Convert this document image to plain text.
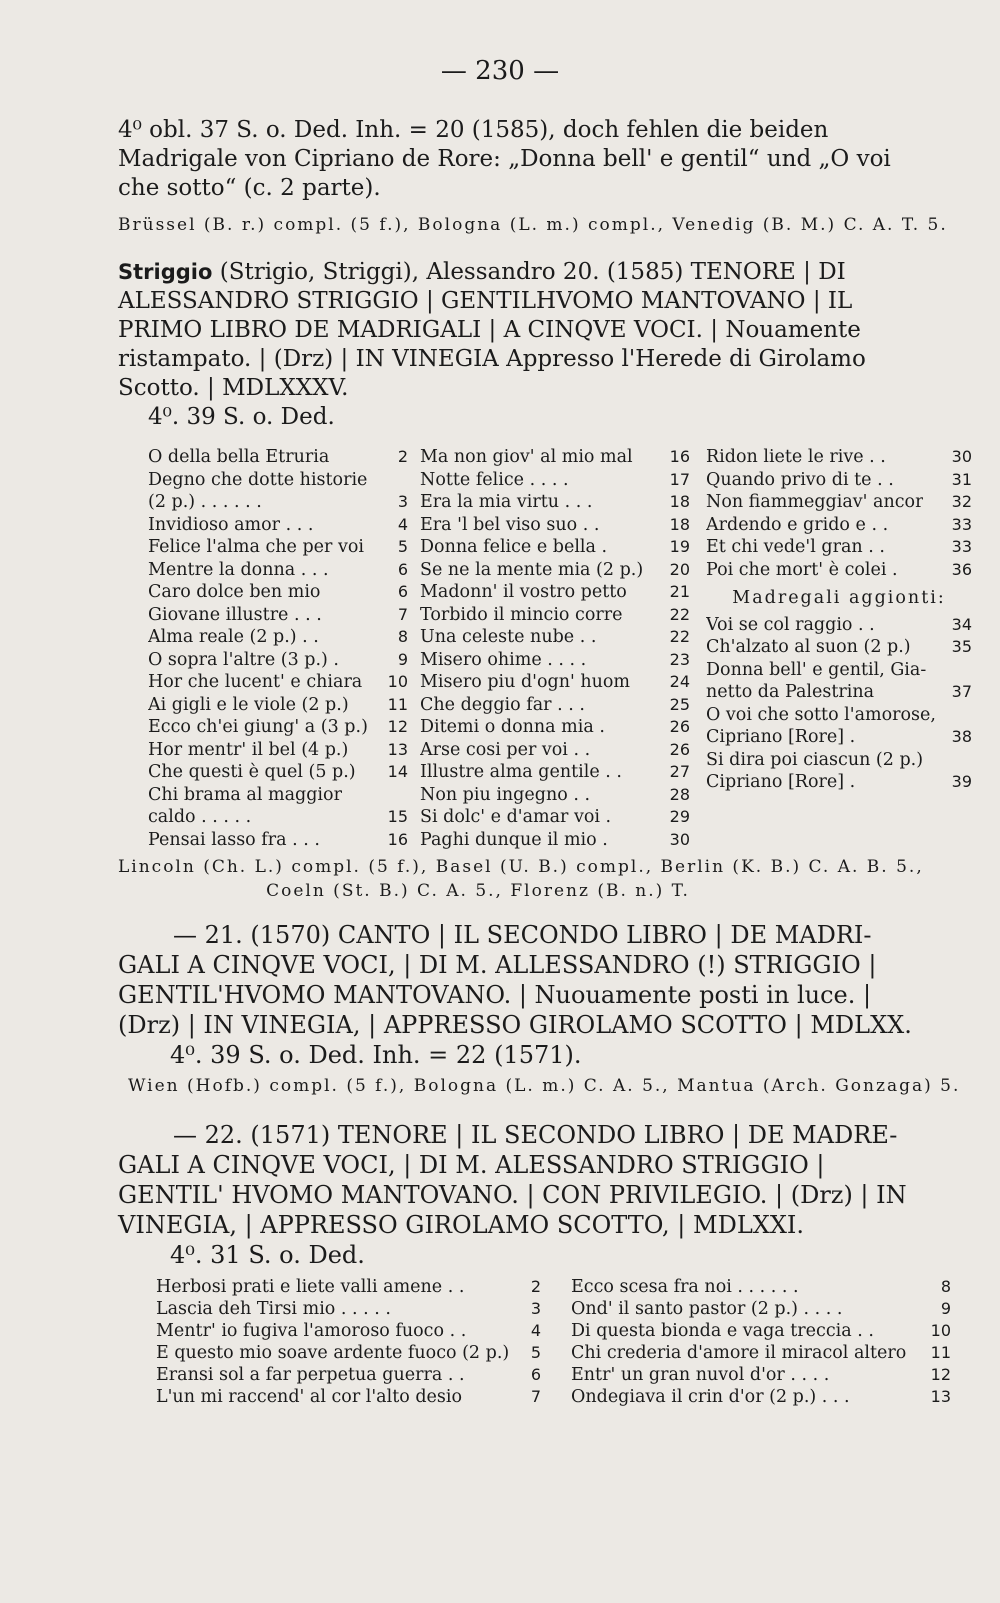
— 230 —
4⁰ obl. 37 S. o. Ded. Inh. = 20 (1585), doch fehlen die beiden
Madrigale von Cipriano de Rore: „Donna bell' e gentil“ und „O voi
che sotto“ (c. 2 parte).
Brüssel (B. r.) compl. (5 f.), Bologna (L. m.) compl., Venedig (B. M.) C. A. T. 5.
Striggio (Strigio, Striggi), Alessandro 20. (1585) TENORE | DI
ALESSANDRO STRIGGIO | GENTILHVOMO MANTOVANO | IL
PRIMO LIBRO DE MADRIGALI | A CINQVE VOCI. | Nouamente
ristampato. | (Drz) | IN VINEGIA Appresso l'Herede di Girolamo
Scotto. | MDLXXXV.
4⁰. 39 S. o. Ded.
O della bella Etruria	2
Degno che dotte historie
(2 p.) . . . . . .	3
Invidioso amor . . .	4
Felice l'alma che per voi 5
Mentre la donna . . .	6
Caro dolce ben mio	6
Giovane illustre . . .	7
Alma reale (2 p.) . .	8
O sopra l'altre (3 p.) .	9
Hor che lucent' e chiara 10
Ai gigli e le viole (2 p.) 11
Ecco ch'ei giung' a (3 p.) 12
Hor mentr' il bel (4 p.) 13
Che questi è quel (5 p.) 14
Chi brama al maggior
caldo . . . . .	15
Pensai lasso fra . . .	16
Ma non giov' al mio mal 16
Notte felice . . . .	17
Era la mia virtu . . .	18
Era 'l bel viso suo . .	18
Donna felice e bella .	19
Se ne la mente mia (2 p.) 20
Madonn' il vostro petto	21
Torbido il mincio corre	22
Una celeste nube . .	22
Misero ohime . . . .	23
Misero piu d'ogn' huom 24
Che deggio far . . .	25
Ditemi o donna mia .	26
Arse cosi per voi . .	26
Illustre alma gentile . .	27
Non piu ingegno . .	28
Si dolc' e d'amar voi .	29
Paghi dunque il mio .	30
Ridon liete le rive . .	30
Quando privo di te . .	31
Non fiammeggiav' ancor 32
Ardendo e grido e . .	33
Et chi vede'l gran . .	33
Poi che mort' è colei .	36
Madregali aggionti:
Voi se col raggio . .	34
Ch'alzato al suon (2 p.)	35
Donna bell' e gentil, Gia-
netto da Palestrina	37
O voi che sotto l'amorose,
Cipriano [Rore] .	38
Si dira poi ciascun (2 p.)
Cipriano [Rore] .	39
Lincoln (Ch. L.) compl. (5 f.), Basel (U. B.) compl., Berlin (K. B.) C. A. B. 5.,
Coeln (St. B.) C. A. 5., Florenz (B. n.) T.
— 21. (1570) CANTO | IL SECONDO LIBRO | DE MADRI-
GALI A CINQVE VOCI, | DI M. ALLESSANDRO (!) STRIGGIO |
GENTIL'HVOMO MANTOVANO. | Nuouamente posti in luce. |
(Drz) | IN VINEGIA, | APPRESSO GIROLAMO SCOTTO | MDLXX.
4⁰. 39 S. o. Ded. Inh. = 22 (1571).
Wien (Hofb.) compl. (5 f.), Bologna (L. m.) C. A. 5., Mantua (Arch. Gonzaga) 5.
— 22. (1571) TENORE | IL SECONDO LIBRO | DE MADRE-
GALI A CINQVE VOCI, | DI M. ALESSANDRO STRIGGIO |
GENTIL' HVOMO MANTOVANO. | CON PRIVILEGIO. | (Drz) | IN
VINEGIA, | APPRESSO GIROLAMO SCOTTO, | MDLXXI.
4⁰. 31 S. o. Ded.
Herbosi prati e liete valli amene . .	2
Lascia deh Tirsi mio . . . . .	3
Mentr' io fugiva l'amoroso fuoco . .	4
E questo mio soave ardente fuoco (2 p.) 5
Eransi sol a far perpetua guerra . .	6
L'un mi raccend' al cor l'alto desio	7
Ecco scesa fra noi . . . . . .	8
Ond' il santo pastor (2 p.) . . . .	9
Di questa bionda e vaga treccia . .	10
Chi crederia d'amore il miracol altero 11
Entr' un gran nuvol d'or . . . .	12
Ondegiava il crin d'or (2 p.) . . .	13
